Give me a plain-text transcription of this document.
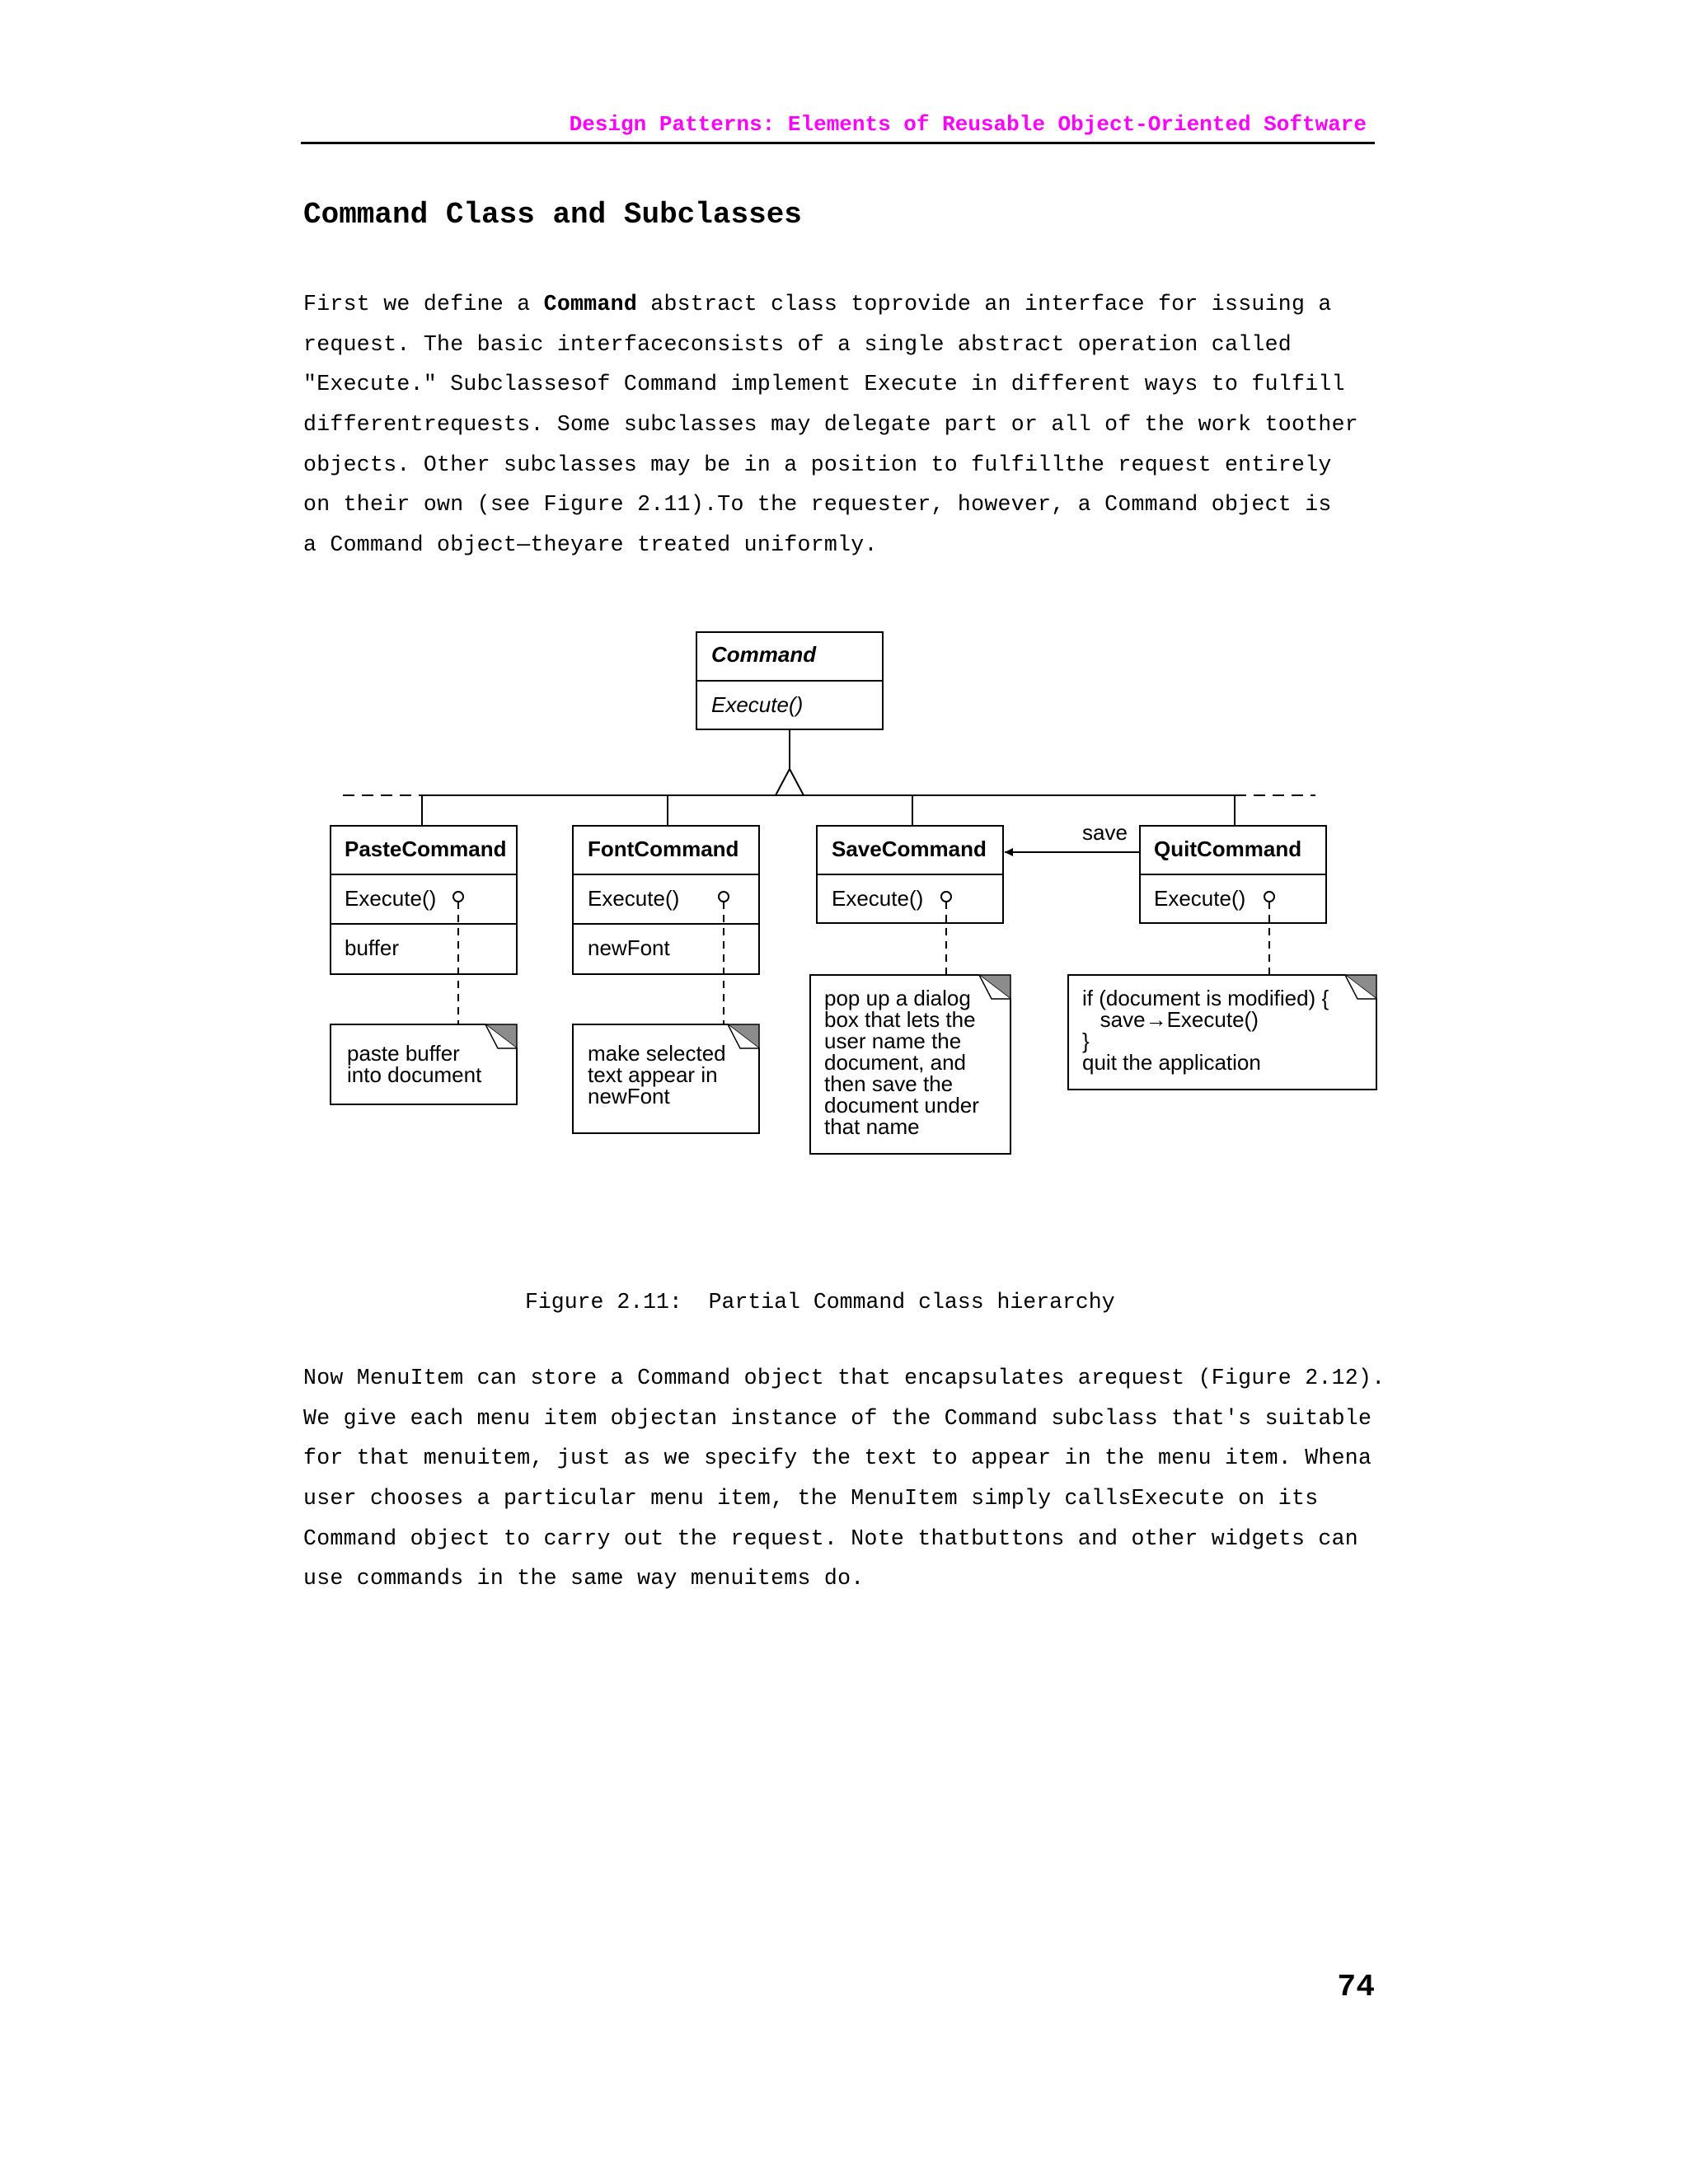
Design Patterns: Elements of Reusable Object-Oriented Software
Command Class and Subclasses
First we define a Command abstract class toprovide an interface for issuing a
request. The basic interfaceconsists of a single abstract operation called
"Execute." Subclassesof Command implement Execute in different ways to fulfill
differentrequests. Some subclasses may delegate part or all of the work toother
objects. Other subclasses may be in a position to fulfillthe request entirely
on their own (see Figure 2.11).To the requester, however, a Command object is
a Command object—theyare treated uniformly.
Command
Execute()
PasteCommand
Execute()
buffer
FontCommand
Execute()
newFont
SaveCommand
Execute()
QuitCommand
Execute()
save
paste buffer
into document
make selected
text appear in
newFont
pop up a dialog
box that lets the
user name the
document, and
then save the
document under
that name
if (document is modified) {
save→Execute()
}
quit the application
Figure 2.11:  Partial Command class hierarchy
Now MenuItem can store a Command object that encapsulates arequest (Figure 2.12).
We give each menu item objectan instance of the Command subclass that's suitable
for that menuitem, just as we specify the text to appear in the menu item. Whena
user chooses a particular menu item, the MenuItem simply callsExecute on its
Command object to carry out the request. Note thatbuttons and other widgets can
use commands in the same way menuitems do.
74
